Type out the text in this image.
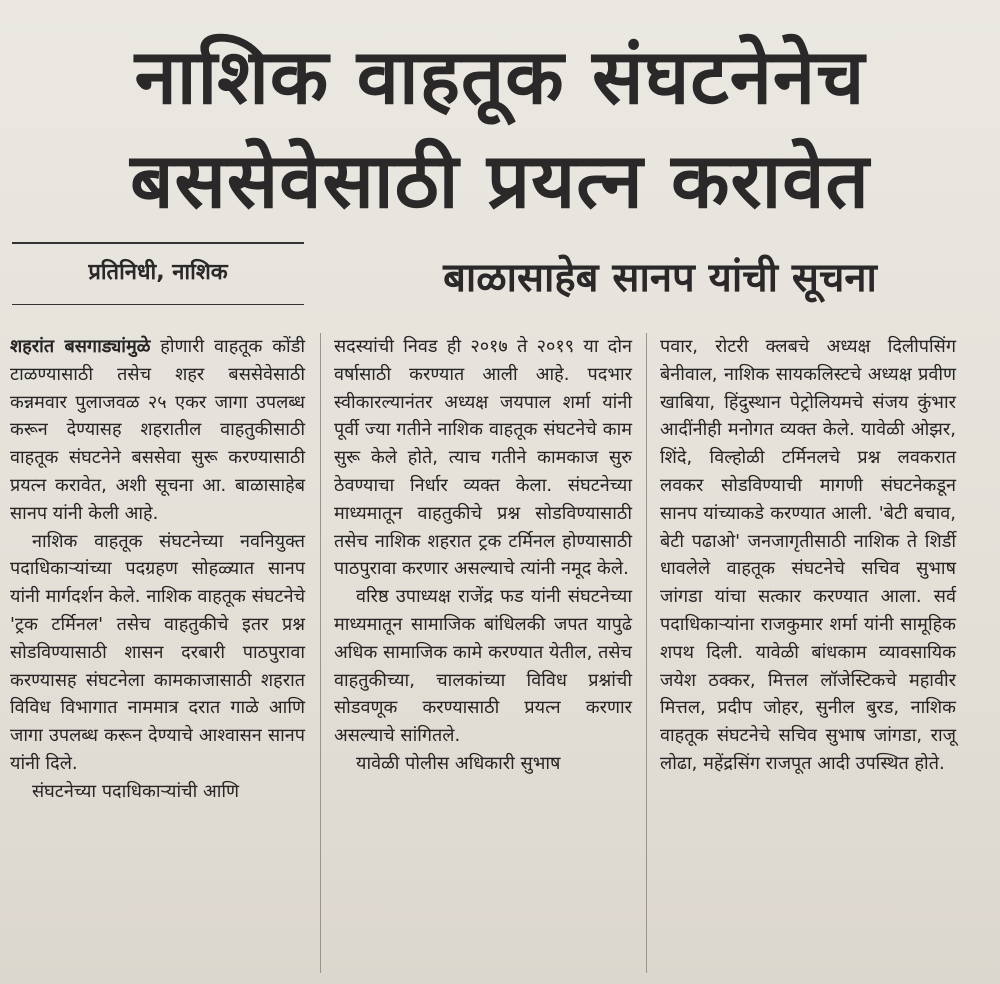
नाशिक वाहतूक संघटनेनेच
बससेवेसाठी प्रयत्न करावेत
प्रतिनिधी, नाशिक	बाळासाहेब सानप यांची सूचना

शहरांत बसगाड्यांमुळे होणारी वाहतूक कोंडी टाळण्यासाठी तसेच शहर बससेवेसाठी कन्नमवार पुलाजवळ २५ एकर जागा उपलब्ध करून देण्यासह शहरातील वाहतुकीसाठी वाहतूक संघटनेने बससेवा सुरू करण्यासाठी प्रयत्न करावेत, अशी सूचना आ. बाळासाहेब सानप यांनी केली आहे.

नाशिक वाहतूक संघटनेच्या नवनियुक्त पदाधिकाऱ्यांच्या पदग्रहण सोहळ्यात सानप यांनी मार्गदर्शन केले. नाशिक वाहतूक संघटनेचे 'ट्रक टर्मिनल' तसेच वाहतुकीचे इतर प्रश्न सोडविण्यासाठी शासन दरबारी पाठपुरावा करण्यासह संघटनेला कामकाजासाठी शहरात विविध विभागात नाममात्र दरात गाळे आणि जागा उपलब्ध करून देण्याचे आश्वासन सानप यांनी दिले.

संघटनेच्या पदाधिकाऱ्यांची आणि

सदस्यांची निवड ही २०१७ ते २०१९ या दोन वर्षासाठी करण्यात आली आहे. पदभार स्वीकारल्यानंतर अध्यक्ष जयपाल शर्मा यांनी पूर्वी ज्या गतीने नाशिक वाहतूक संघटनेचे काम सुरू केले होते, त्याच गतीने कामकाज सुरु ठेवण्याचा निर्धार व्यक्त केला. संघटनेच्या माध्यमातून वाहतुकीचे प्रश्न सोडविण्यासाठी तसेच नाशिक शहरात ट्रक टर्मिनल होण्यासाठी पाठपुरावा करणार असल्याचे त्यांनी नमूद केले.

वरिष्ठ उपाध्यक्ष राजेंद्र फड यांनी संघटनेच्या माध्यमातून सामाजिक बांधिलकी जपत यापुढे अधिक सामाजिक कामे करण्यात येतील, तसेच वाहतुकीच्या, चालकांच्या विविध प्रश्नांची सोडवणूक करण्यासाठी प्रयत्न करणार असल्याचे सांगितले.

यावेळी पोलीस अधिकारी सुभाष

पवार, रोटरी क्लबचे अध्यक्ष दिलीपसिंग बेनीवाल, नाशिक सायकलिस्टचे अध्यक्ष प्रवीण खाबिया, हिंदुस्थान पेट्रोलियमचे संजय कुंभार आदींनीही मनोगत व्यक्त केले. यावेळी ओझर, शिंदे, विल्होळी टर्मिनलचे प्रश्न लवकरात लवकर सोडविण्याची मागणी संघटनेकडून सानप यांच्याकडे करण्यात आली. 'बेटी बचाव, बेटी पढाओ' जनजागृतीसाठी नाशिक ते शिर्डी धावलेले वाहतूक संघटनेचे सचिव सुभाष जांगडा यांचा सत्कार करण्यात आला. सर्व पदाधिकाऱ्यांना राजकुमार शर्मा यांनी सामूहिक शपथ दिली. यावेळी बांधकाम व्यावसायिक जयेश ठक्कर, मित्तल लॉजेस्टिकचे महावीर मित्तल, प्रदीप जोहर, सुनील बुरड, नाशिक वाहतूक संघटनेचे सचिव सुभाष जांगडा, राजू लोढा, महेंद्रसिंग राजपूत आदी उपस्थित होते.
